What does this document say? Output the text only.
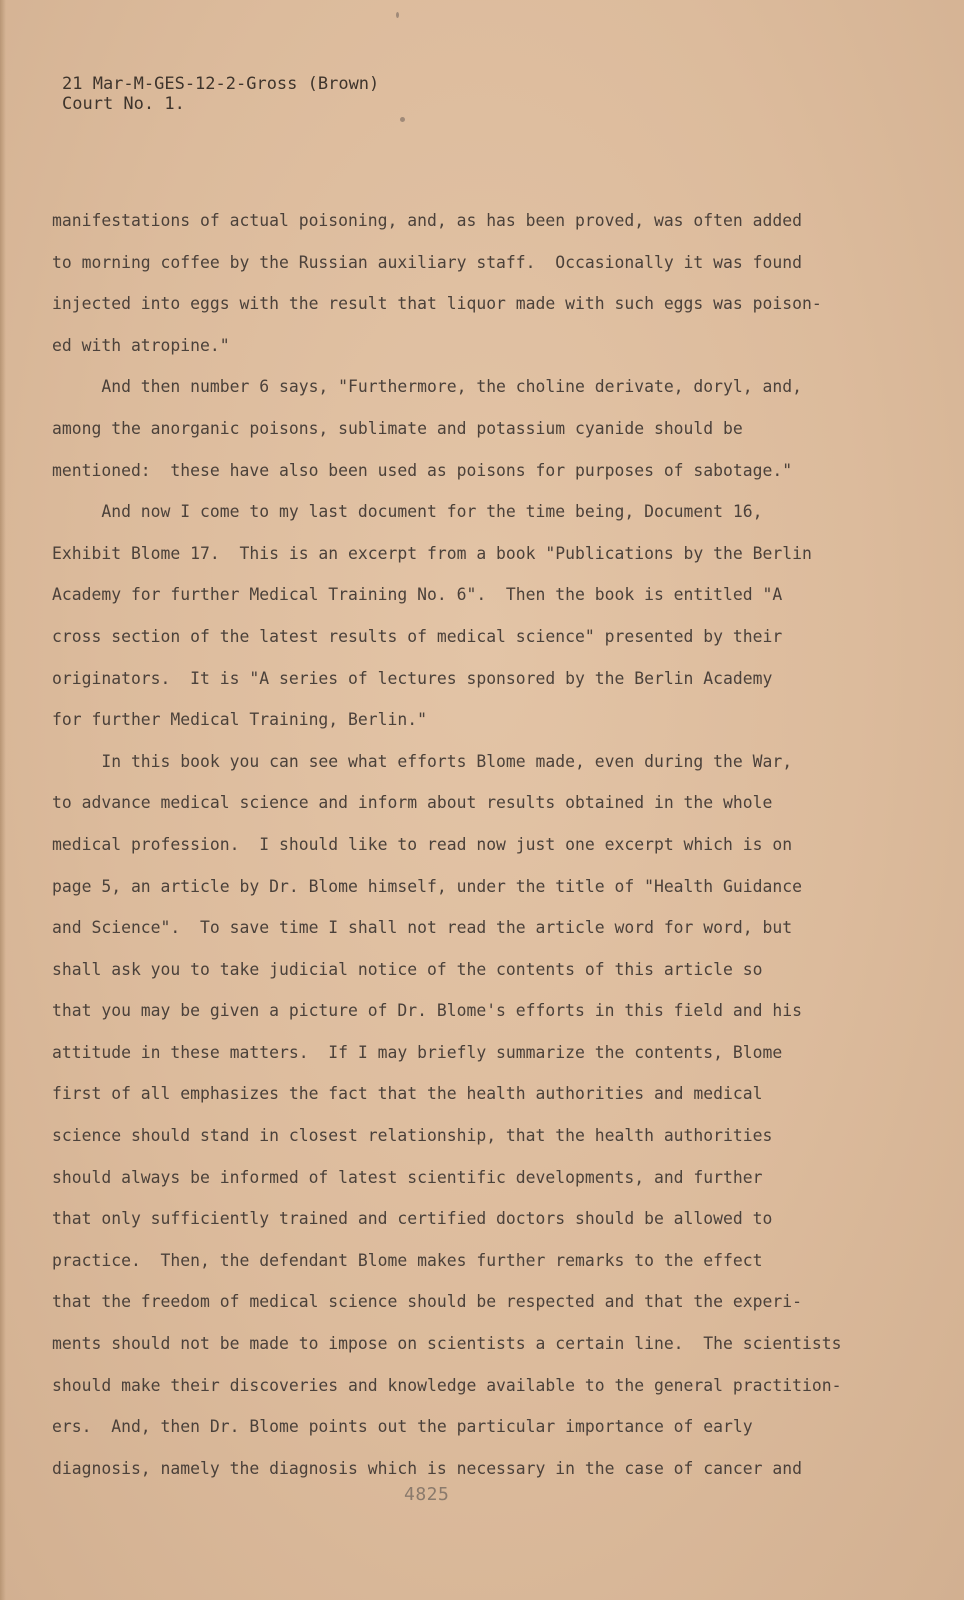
21 Mar-M-GES-12-2-Gross (Brown)
Court No. 1.
manifestations of actual poisoning, and, as has been proved, was often added
to morning coffee by the Russian auxiliary staff.  Occasionally it was found
injected into eggs with the result that liquor made with such eggs was poison-
ed with atropine."
And then number 6 says, "Furthermore, the choline derivate, doryl, and,
among the anorganic poisons, sublimate and potassium cyanide should be
mentioned:  these have also been used as poisons for purposes of sabotage."
And now I come to my last document for the time being, Document 16,
Exhibit Blome 17.  This is an excerpt from a book "Publications by the Berlin
Academy for further Medical Training No. 6".  Then the book is entitled "A
cross section of the latest results of medical science" presented by their
originators.  It is "A series of lectures sponsored by the Berlin Academy
for further Medical Training, Berlin."
In this book you can see what efforts Blome made, even during the War,
to advance medical science and inform about results obtained in the whole
medical profession.  I should like to read now just one excerpt which is on
page 5, an article by Dr. Blome himself, under the title of "Health Guidance
and Science".  To save time I shall not read the article word for word, but
shall ask you to take judicial notice of the contents of this article so
that you may be given a picture of Dr. Blome's efforts in this field and his
attitude in these matters.  If I may briefly summarize the contents, Blome
first of all emphasizes the fact that the health authorities and medical
science should stand in closest relationship, that the health authorities
should always be informed of latest scientific developments, and further
that only sufficiently trained and certified doctors should be allowed to
practice.  Then, the defendant Blome makes further remarks to the effect
that the freedom of medical science should be respected and that the experi-
ments should not be made to impose on scientists a certain line.  The scientists
should make their discoveries and knowledge available to the general practition-
ers.  And, then Dr. Blome points out the particular importance of early
diagnosis, namely the diagnosis which is necessary in the case of cancer and
4825
